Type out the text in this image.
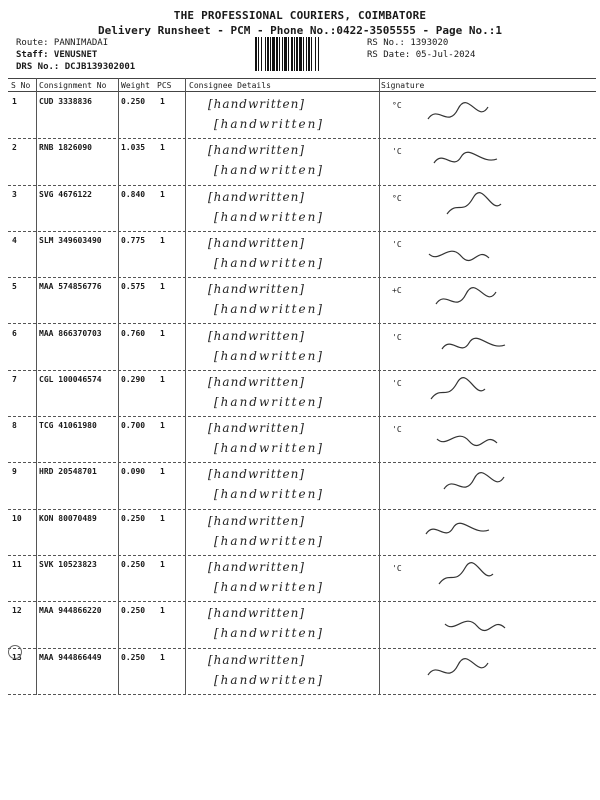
THE PROFESSIONAL COURIERS, COIMBATORE
Delivery Runsheet - PCM - Phone No.:0422-3505555 - Page No.:1
Route: PANNIMADAI
Staff: VENUSNET
DRS No.: DCJB139302001
RS No.: 1393020
RS Date: 05-Jul-2024
S No Consignment No Weight PCS Consignee Details	Signature
1	CUD 3338836	0.250 1	[handwritten]
[handwritten]
°C
2	RNB 1826090	1.035 1	[handwritten]
[handwritten]
'C
3	SVG 4676122	0.840 1	[handwritten]
[handwritten]
°C
4	SLM 349603490 0.775 1	[handwritten]
[handwritten]
'C
5	MAA 574856776 0.575 1	[handwritten]
[handwritten]
+C
6	MAA 866370703 0.760 1	[handwritten]
[handwritten]
'C
7	CGL 100046574 0.290 1	[handwritten]
[handwritten]
'C
8	TCG 41061980	0.700 1	[handwritten]
[handwritten]
'C
9	HRD 20548701	0.090 1	[handwritten]
[handwritten]
10 KON 80070489	0.250 1	[handwritten]
[handwritten]
11 SVK 10523823	0.250 1	[handwritten]
[handwritten]
'C
12 MAA 944866220 0.250 1	[handwritten]
[handwritten]
13 MAA 944866449 0.250 1	[handwritten]
[handwritten]
